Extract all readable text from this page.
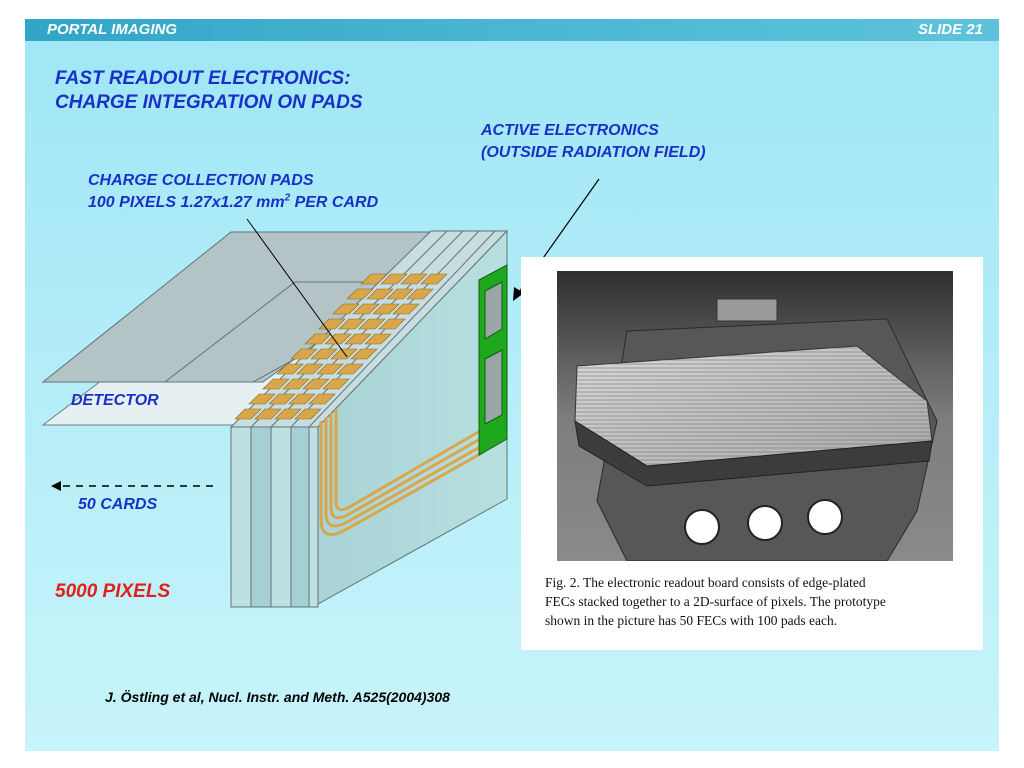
PORTAL IMAGING	SLIDE 21
FAST READOUT ELECTRONICS:
CHARGE INTEGRATION ON PADS
ACTIVE ELECTRONICS
(OUTSIDE RADIATION FIELD)
CHARGE COLLECTION PADS
100 PIXELS 1.27x1.27 $mm^2$ PER CARD
DETECTOR
50 CARDS
5000 PIXELS	Fig. 2. The electronic readout board consists of edge-plated
FECs stacked together to a 2D-surface of pixels. The prototype
shown in the picture has 50 FECs with 100 pads each.
J. Östling et al, Nucl. Instr. and Meth. A525(2004)308
